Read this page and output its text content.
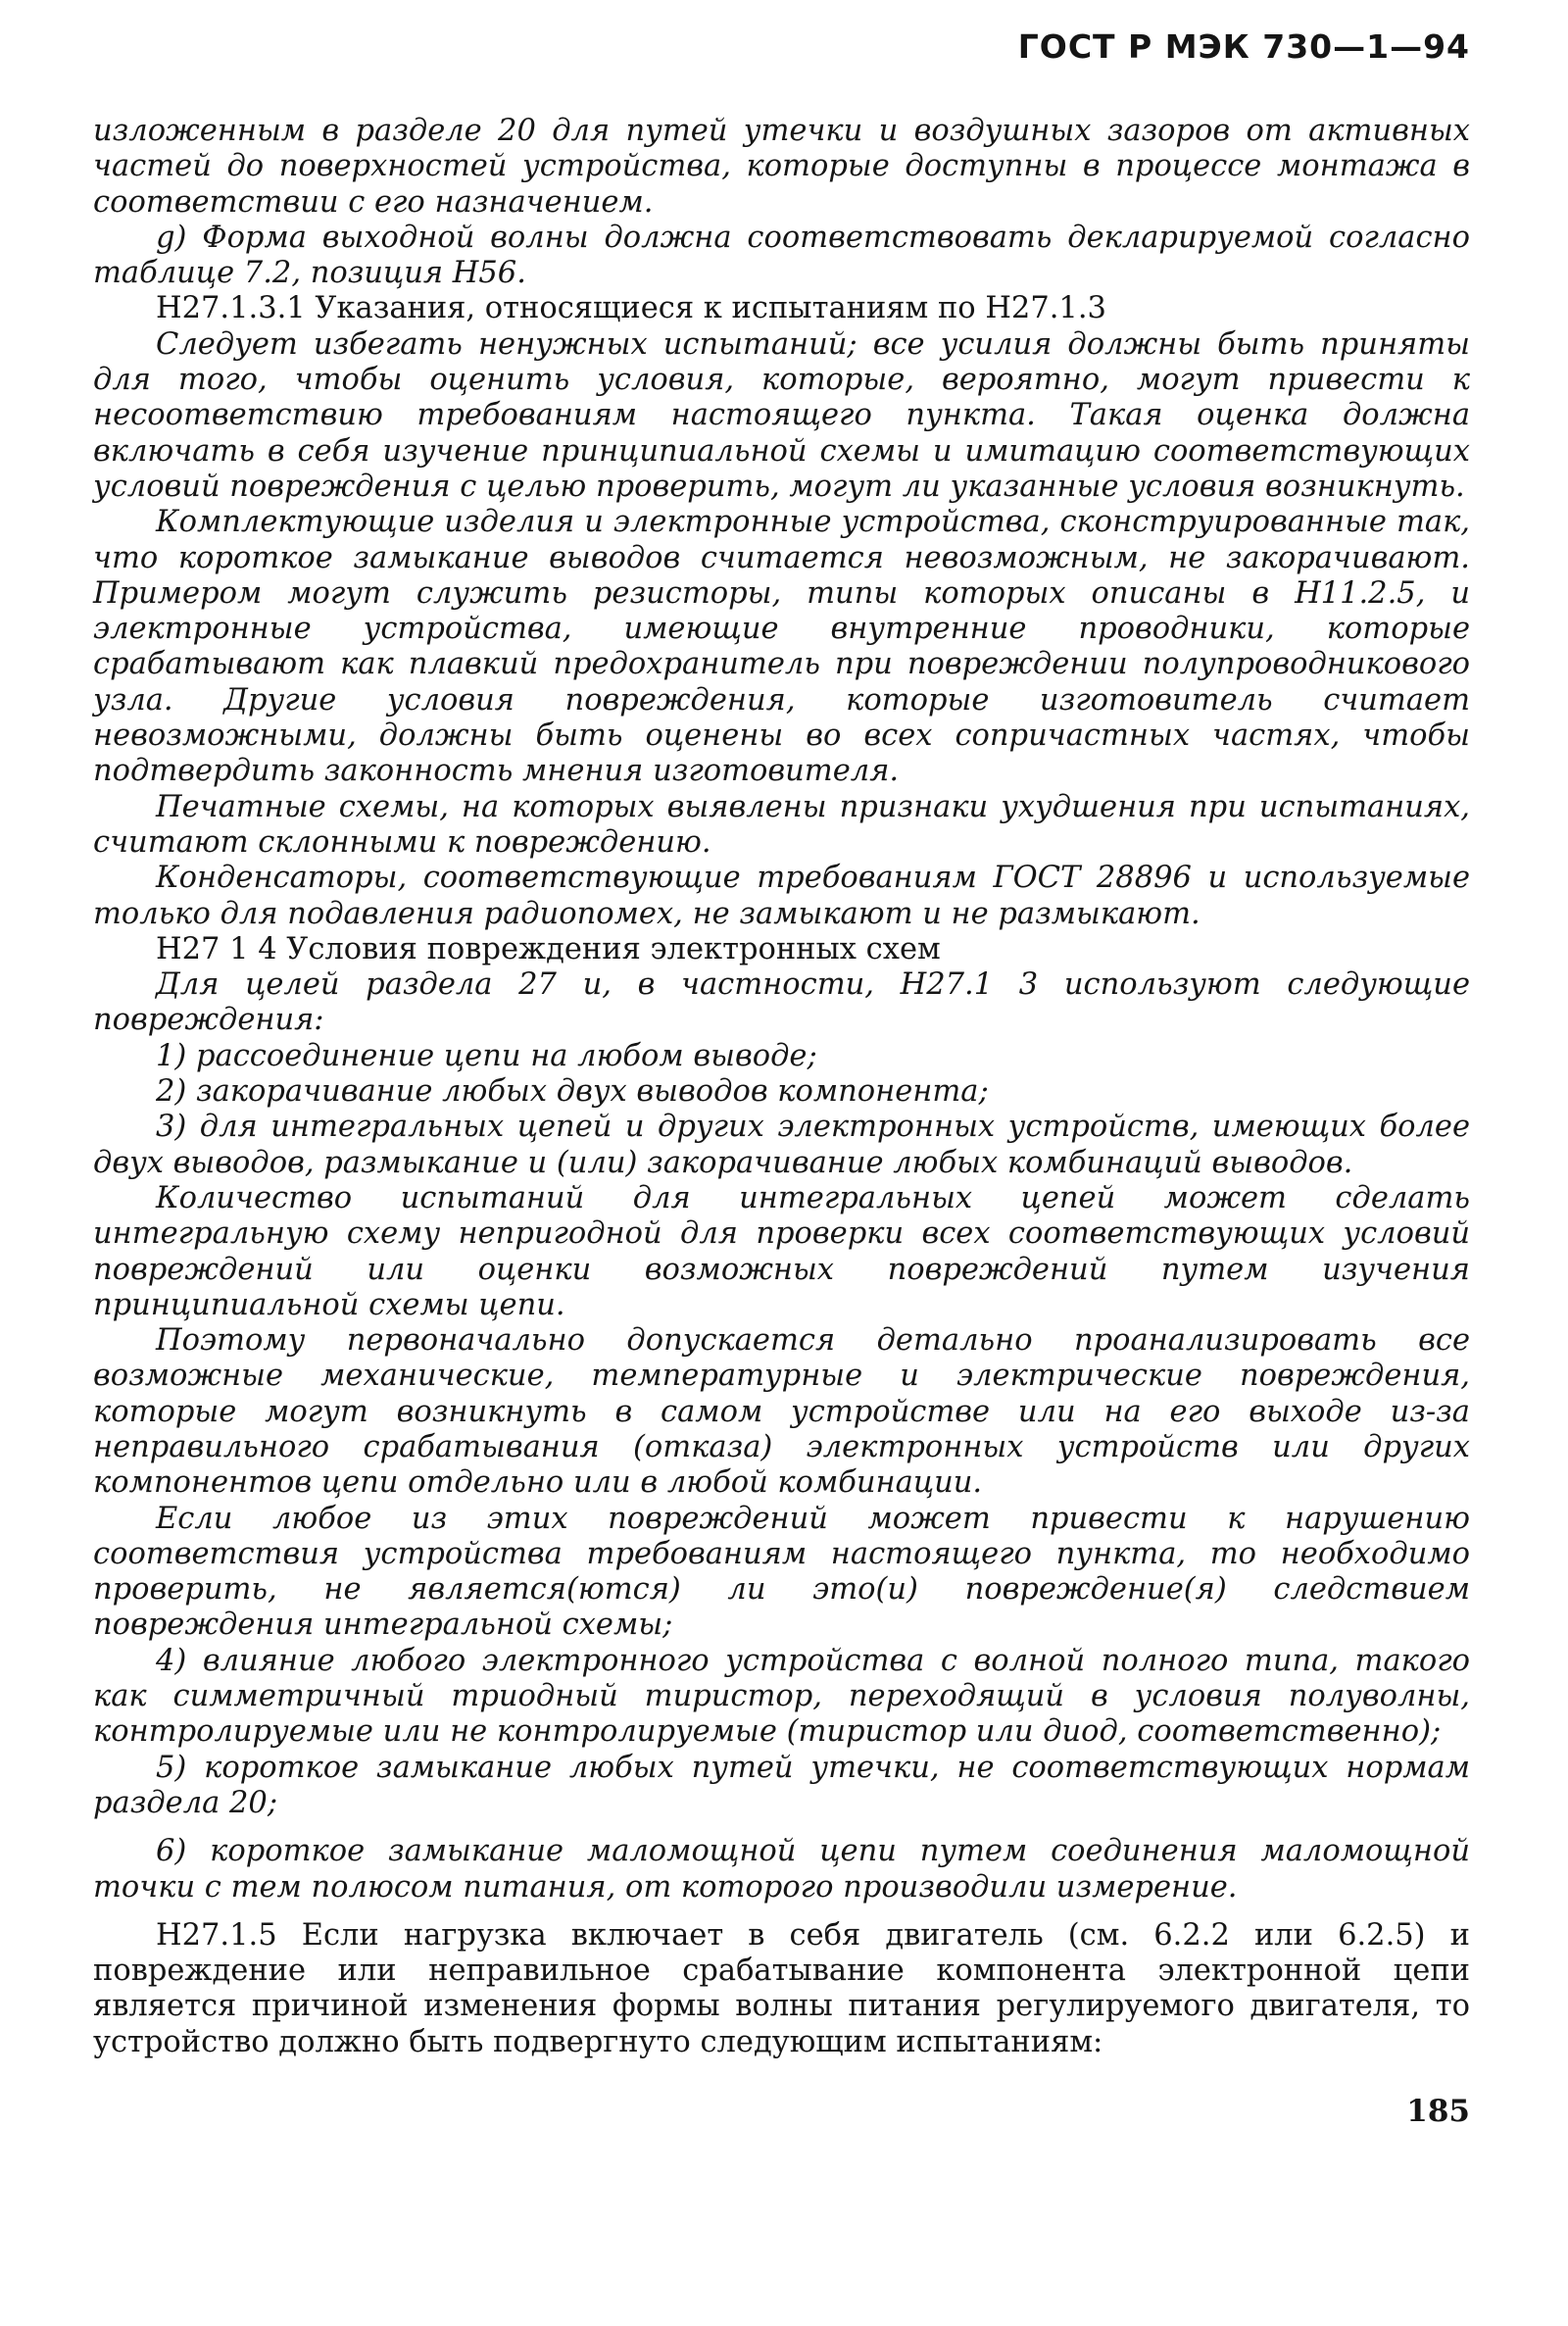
ГОСТ Р МЭК 730—1—94

изложенным в разделе 20 для путей утечки и воздушных зазоров от активных частей до поверхностей устройства, которые доступны в процессе монтажа в соответствии с его назначением.

g) Форма выходной волны должна соответствовать декларируемой согласно таблице 7.2, позиция Н56.

Н27.1.3.1 Указания, относящиеся к испытаниям по Н27.1.3

Следует избегать ненужных испытаний; все усилия должны быть приняты для того, чтобы оценить условия, которые, вероятно, могут привести к несоответствию требованиям настоящего пункта. Такая оценка должна включать в себя изучение принципиальной схемы и имитацию соответствующих условий повреждения с целью проверить, могут ли указанные условия возникнуть.

Комплектующие изделия и электронные устройства, сконструированные так, что короткое замыкание выводов считается невозможным, не закорачивают. Примером могут служить резисторы, типы которых описаны в Н11.2.5, и электронные устройства, имеющие внутренние проводники, которые срабатывают как плавкий предохранитель при повреждении полупроводникового узла. Другие условия повреждения, которые изготовитель считает невозможными, должны быть оценены во всех сопричастных частях, чтобы подтвердить законность мнения изготовителя.

Печатные схемы, на которых выявлены признаки ухудшения при испытаниях, считают склонными к повреждению.

Конденсаторы, соответствующие требованиям ГОСТ 28896 и используемые только для подавления радиопомех, не замыкают и не размыкают.

Н27 1 4 Условия повреждения электронных схем

Для целей раздела 27 и, в частности, Н27.1 3 используют следующие повреждения:

1) рассоединение цепи на любом выводе;

2) закорачивание любых двух выводов компонента;

3) для интегральных цепей и других электронных устройств, имеющих более двух выводов, размыкание и (или) закорачивание любых комбинаций выводов.

Количество испытаний для интегральных цепей может сделать интегральную схему непригодной для проверки всех соответствующих условий повреждений или оценки возможных повреждений путем изучения принципиальной схемы цепи.

Поэтому первоначально допускается детально проанализировать все возможные механические, температурные и электрические повреждения, которые могут возникнуть в самом устройстве или на его выходе из-за неправильного срабатывания (отказа) электронных устройств или других компонентов цепи отдельно или в любой комбинации.

Если любое из этих повреждений может привести к нарушению соответствия устройства требованиям настоящего пункта, то необходимо проверить, не является(ются) ли это(и) повреждение(я) следствием повреждения интегральной схемы;

4) влияние любого электронного устройства с волной полного типа, такого как симметричный триодный тиристор, переходящий в условия полуволны, контролируемые или не контролируемые (тиристор или диод, соответственно);

5) короткое замыкание любых путей утечки, не соответствующих нормам раздела 20;

6) короткое замыкание маломощной цепи путем соединения маломощной точки с тем полюсом питания, от которого производили измерение.

Н27.1.5 Если нагрузка включает в себя двигатель (см. 6.2.2 или 6.2.5) и повреждение или неправильное срабатывание компонента электронной цепи является причиной изменения формы волны питания регулируемого двигателя, то устройство должно быть подвергнуто следующим испытаниям:

185
